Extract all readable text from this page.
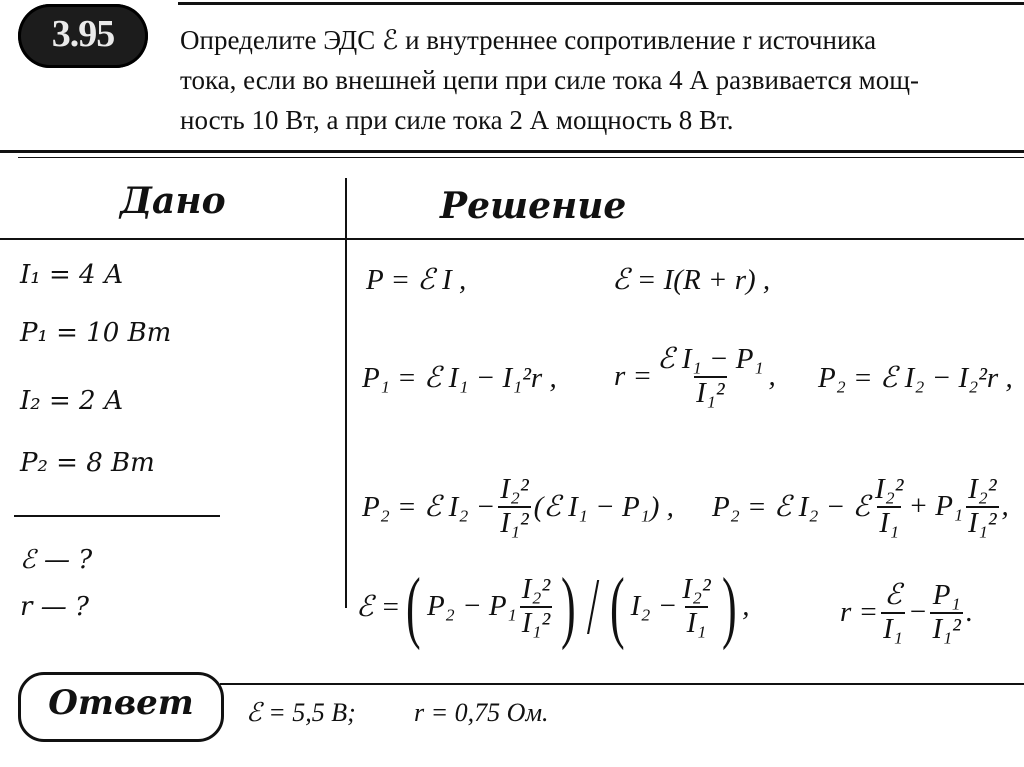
3.95	Определите ЭДС ℰ и внутреннее сопротивление r источника
тока, если во внешней цепи при силе тока 4 А развивается мощ-
ность 10 Вт, а при силе тока 2 А мощность 8 Вт.
Дано	Решение
I₁ = 4 А
P₁ = 10 Вт
I₂ = 2 А
P₂ = 8 Вт
ℰ — ?
r — ?
P = ℰ I ,	ℰ = I(R + r) ,
P₁ = ℰ I₁ − I₁²r , $r = \frac{\text{ℰ I₁ − P₁}}{\text{I₁²}}$ , P₂ = ℰ I₂ − I₂²r ,
P₂ = ℰ $I_2 - \frac{\text{I₂²}}{\text{I₁²}}$ (ℰ I₁ − P₁) , P₂ = ℰ I₂ − ℰ $\frac{\text{I₂²}}{\text{I₁}} + P_1 \frac{\text{I₂²}}{\text{I₁²}}$ ,
ℰ = ( $P_2 - P_1 \frac{\text{I₂²}}{\text{I₁²}}$ ) / ( $I_2 - \frac{\text{I₂²}}{\text{I₁}}$ ) ,	$r = \frac{\text{ℰ}}{\text{I₁}} - \frac{\text{P₁}}{\text{I₁²}}$ .
Ответ	ℰ = 5,5 В; r = 0,75 Ом.
